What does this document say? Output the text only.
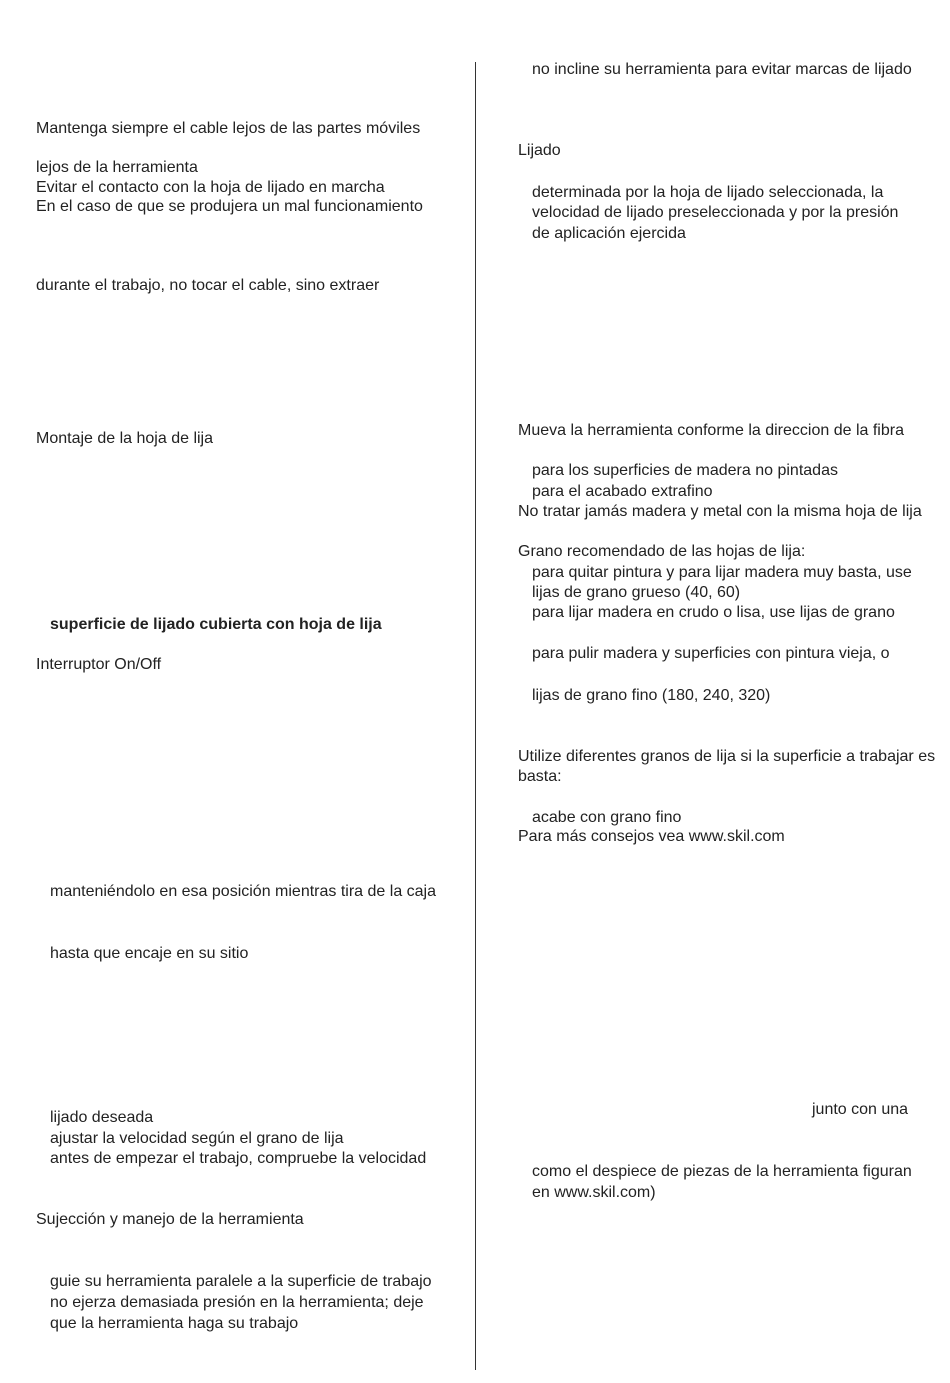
Mantenga siempre el cable lejos de las partes móviles
lejos de la herramienta
Evitar el contacto con la hoja de lijado en marcha
En el caso de que se produjera un mal funcionamiento
durante el trabajo, no tocar el cable, sino extraer
Montaje de la hoja de lija
superficie de lijado cubierta con hoja de lija
Interruptor On/Off
manteniéndolo en esa posición mientras tira de la caja
hasta que encaje en su sitio
lijado deseada
ajustar la velocidad según el grano de lija
antes de empezar el trabajo, compruebe la velocidad
Sujección y manejo de la herramienta
guie su herramienta paralele a la superficie de trabajo
no ejerza demasiada presión en la herramienta; deje
que la herramienta haga su trabajo
no incline su herramienta para evitar marcas de lijado
Lijado
determinada por la hoja de lijado seleccionada, la
velocidad de lijado preseleccionada y por la presión
de aplicación ejercida
Mueva la herramienta conforme la direccion de la fibra
para los superficies de madera no pintadas
para el acabado extrafino
No tratar jamás madera y metal con la misma hoja de lija
Grano recomendado de las hojas de lija:
para quitar pintura y para lijar madera muy basta, use
lijas de grano grueso (40, 60)
para lijar madera en crudo o lisa, use lijas de grano
para pulir madera y superficies con pintura vieja, o
lijas de grano fino (180, 240, 320)
Utilize diferentes granos de lija si la superficie a trabajar es basta:
acabe con grano fino
Para más consejos vea www.skil.com
junto con una
como el despiece de piezas de la herramienta figuran
en www.skil.com)
